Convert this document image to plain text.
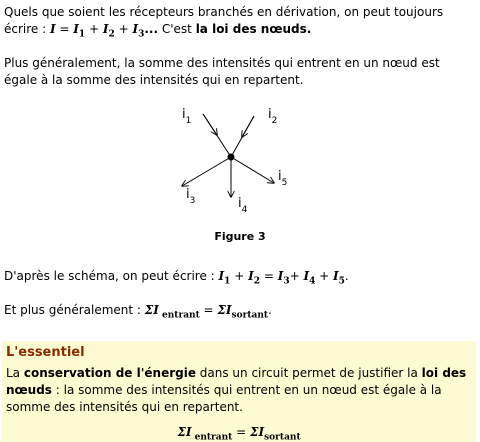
Quels que soient les récepteurs branchés en dérivation, on peut toujours écrire : $I = I_1 + I_2 + I_3$... C'est la loi des nœuds.

Plus généralement, la somme des intensités qui entrent en un nœud est égale à la somme des intensités qui en repartent.

$i_1$	$i_2$
$i_3$	$i_4$
$i_5$
Figure 3

D'après le schéma, on peut écrire : $I_1 + I_2 = I_3+ I_4 + I_5$.

Et plus généralement : ΣI $_{entrant} = \Sigma I_{sortant}$.

L'essentiel
La conservation de l'énergie dans un circuit permet de justifier la loi des nœuds : la somme des intensités qui entrent en un nœud est égale à la somme des intensités qui en repartent.
ΣI $_{entrant} = \Sigma I_{sortant}$
